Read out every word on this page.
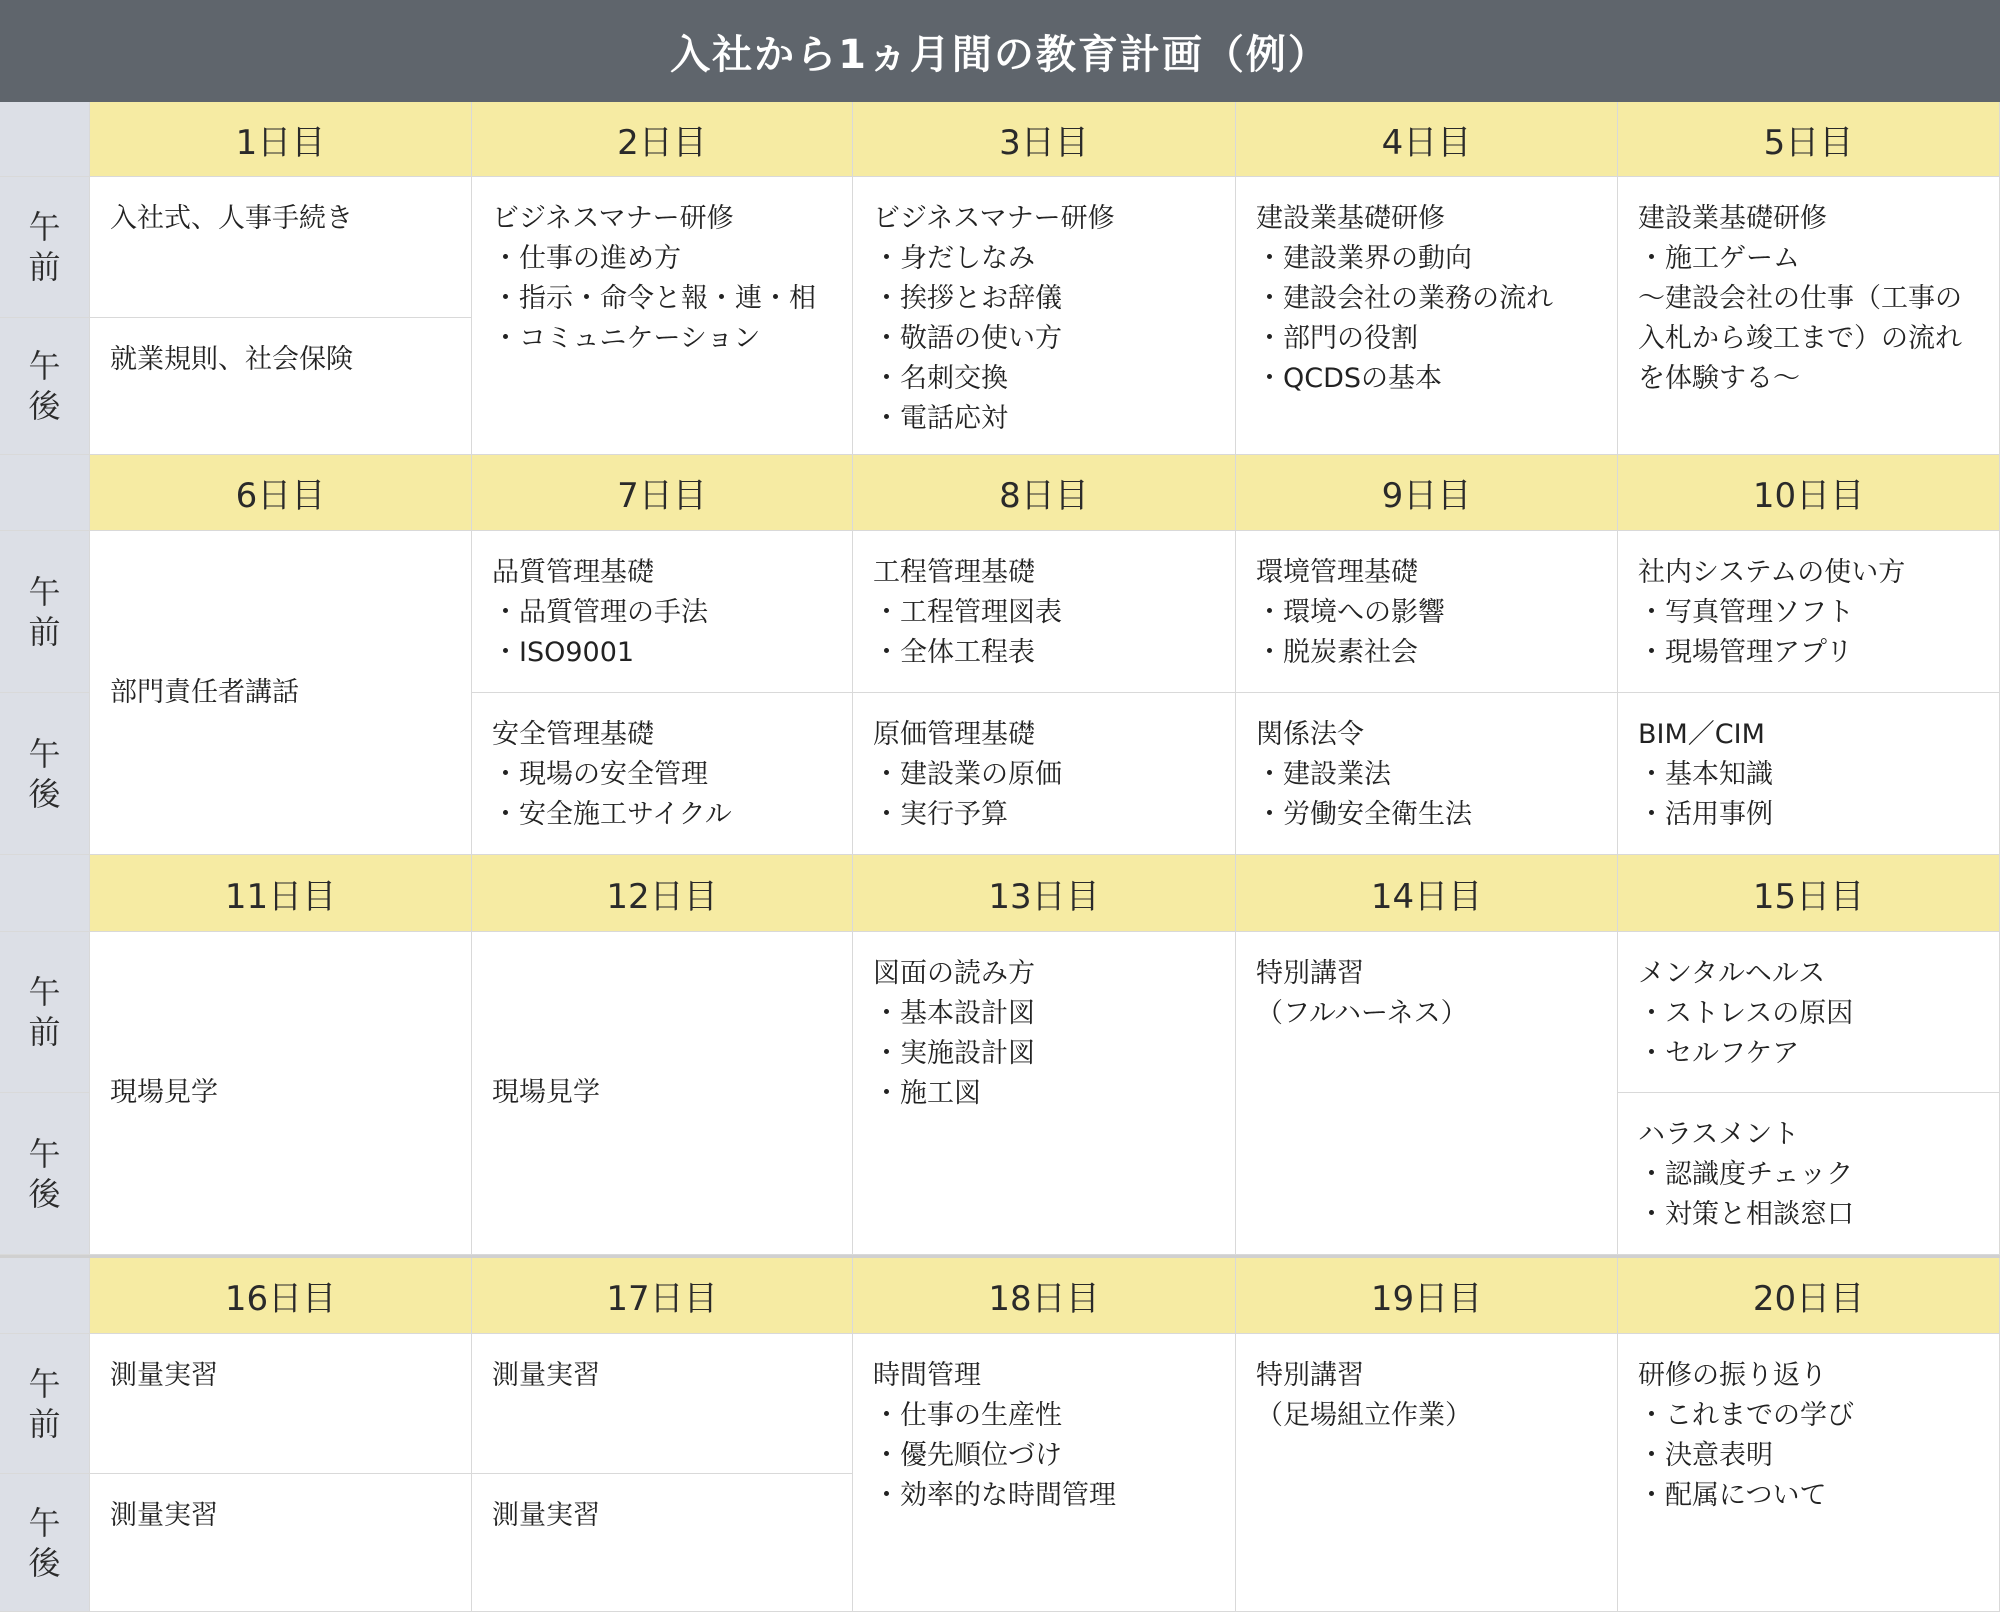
入社から1ヵ月間の教育計画（例）
午
前
午
後
1日目
入社式、人事手続き
就業規則、社会保険
2日目
ビジネスマナー研修
・仕事の進め方
・指示・命令と報・連・相
・コミュニケーション
3日目
ビジネスマナー研修
・身だしなみ
・挨拶とお辞儀
・敬語の使い方
・名刺交換
・電話応対
4日目
建設業基礎研修
・建設業界の動向
・建設会社の業務の流れ
・部門の役割
・QCDSの基本
5日目
建設業基礎研修
・施工ゲーム
～建設会社の仕事（工事の入札から竣工まで）の流れを体験する～
午
前
午
後
6日目
部門責任者講話
7日目
品質管理基礎
・品質管理の手法
・ISO9001
安全管理基礎
・現場の安全管理
・安全施工サイクル
8日目
工程管理基礎
・工程管理図表
・全体工程表
原価管理基礎
・建設業の原価
・実行予算
9日目
環境管理基礎
・環境への影響
・脱炭素社会
関係法令
・建設業法
・労働安全衛生法
10日目
社内システムの使い方
・写真管理ソフト
・現場管理アプリ
BIM／CIM
・基本知識
・活用事例
午
前
午
後
11日目
現場見学
12日目
現場見学
13日目
図面の読み方
・基本設計図
・実施設計図
・施工図
14日目
特別講習
（フルハーネス）
15日目
メンタルヘルス
・ストレスの原因
・セルフケア
ハラスメント
・認識度チェック
・対策と相談窓口
午
前
午
後
16日目
測量実習
測量実習
17日目
測量実習
測量実習
18日目
時間管理
・仕事の生産性
・優先順位づけ
・効率的な時間管理
19日目
特別講習
（足場組立作業）
20日目
研修の振り返り
・これまでの学び
・決意表明
・配属について
